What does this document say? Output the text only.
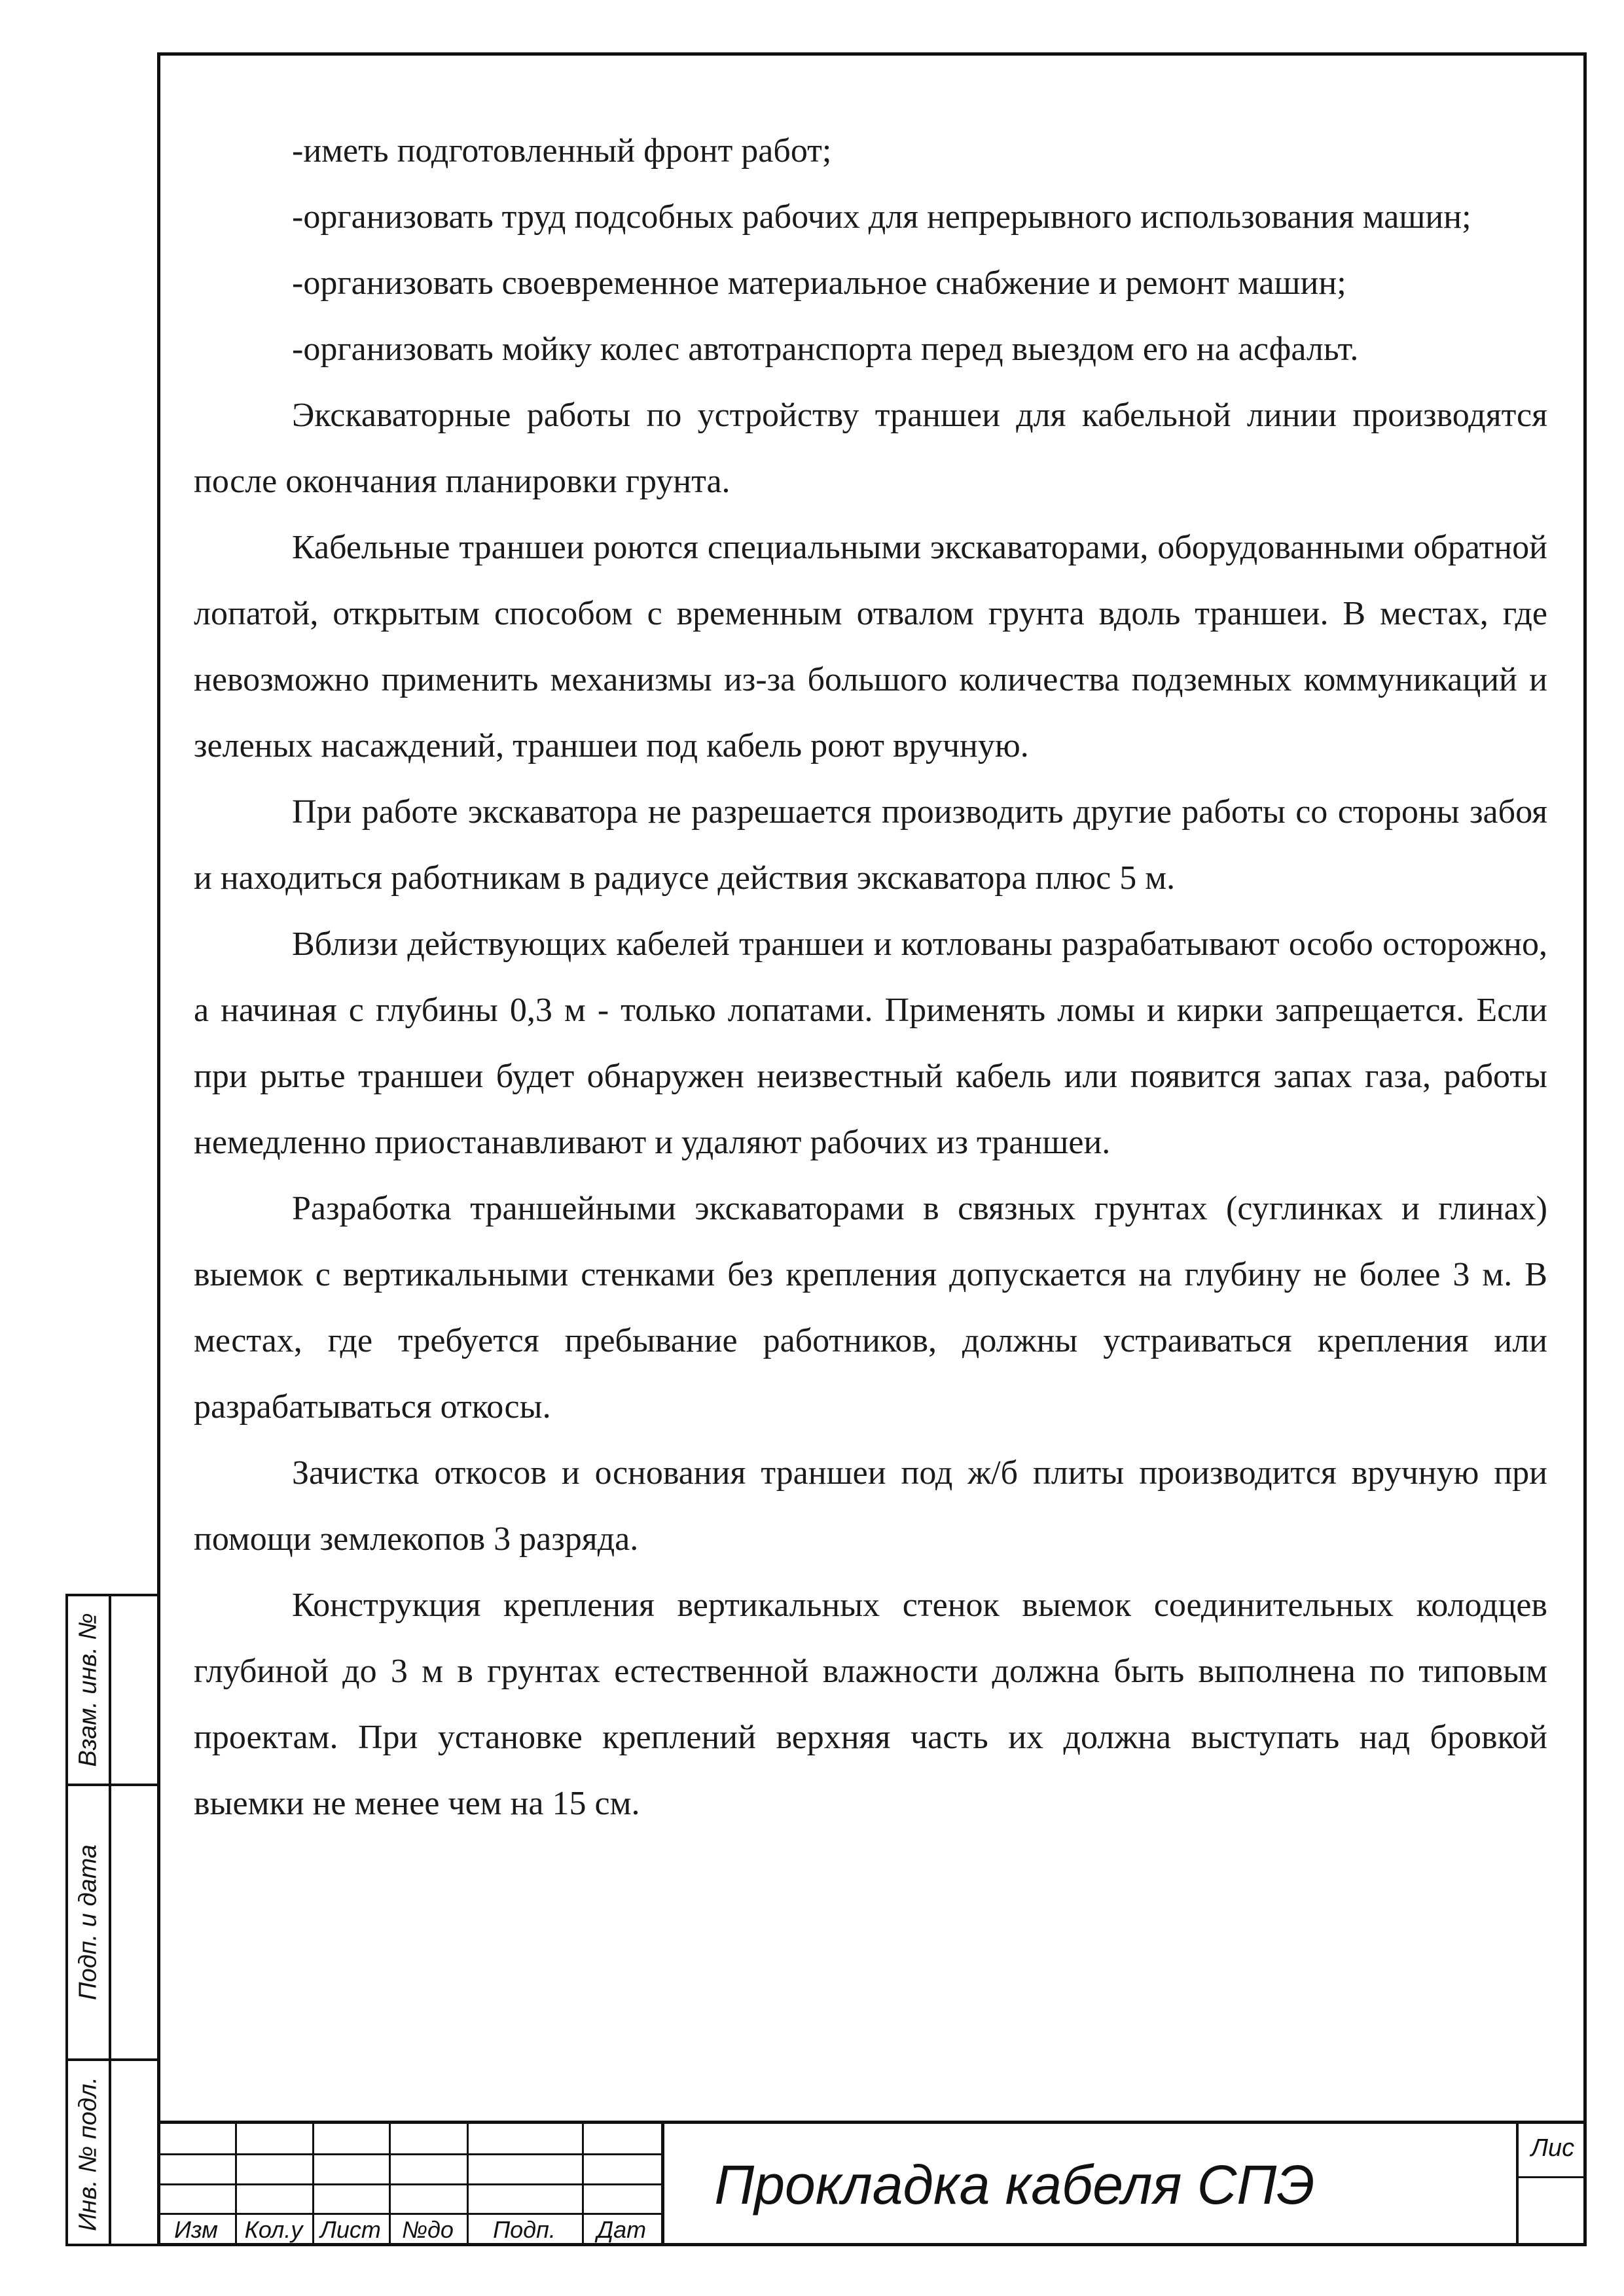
Взам. инв. №
Подп. и дата
Инв. № подл.

-иметь подготовленный фронт работ;

-организовать труд подсобных рабочих для непрерывного использования машин;

-организовать своевременное материальное снабжение и ремонт машин;

-организовать мойку колес автотранспорта перед выездом его на асфальт.

Экскаваторные работы по устройству траншеи для кабельной линии производятся после окончания планировки грунта.

Кабельные траншеи роются специальными экскаваторами, оборудованными обратной лопатой, открытым способом с временным отвалом грунта вдоль траншеи. В местах, где невозможно применить механизмы из-за большого количества подземных коммуникаций и зеленых насаждений, траншеи под кабель роют вручную.

При работе экскаватора не разрешается производить другие работы со стороны забоя и находиться работникам в радиусе действия экскаватора плюс 5 м.

Вблизи действующих кабелей траншеи и котлованы разрабатывают особо осторожно, а начиная с глубины 0,3 м - только лопатами. Применять ломы и кирки запрещается. Если при рытье траншеи будет обнаружен неизвестный кабель или появится запах газа, работы немедленно приостанавливают и удаляют рабочих из траншеи.

Разработка траншейными экскаваторами в связных грунтах (суглинках и глинах) выемок с вертикальными стенками без крепления допускается на глубину не более 3 м. В местах, где требуется пребывание работников, должны устраиваться крепления или разрабатываться откосы.

Зачистка откосов и основания траншеи под ж/б плиты производится вручную при помощи землекопов 3 разряда.

Конструкция крепления вертикальных стенок выемок соединительных колодцев глубиной до 3 м в грунтах естественной влажности должна быть выполнена по типовым проектам. При установке креплений верхняя часть их должна выступать над бровкой выемки не менее чем на 15 см.

Изм	Кол.у Лист №до	Подп.	Дат
Прокладка кабеля СПЭ
Лис
